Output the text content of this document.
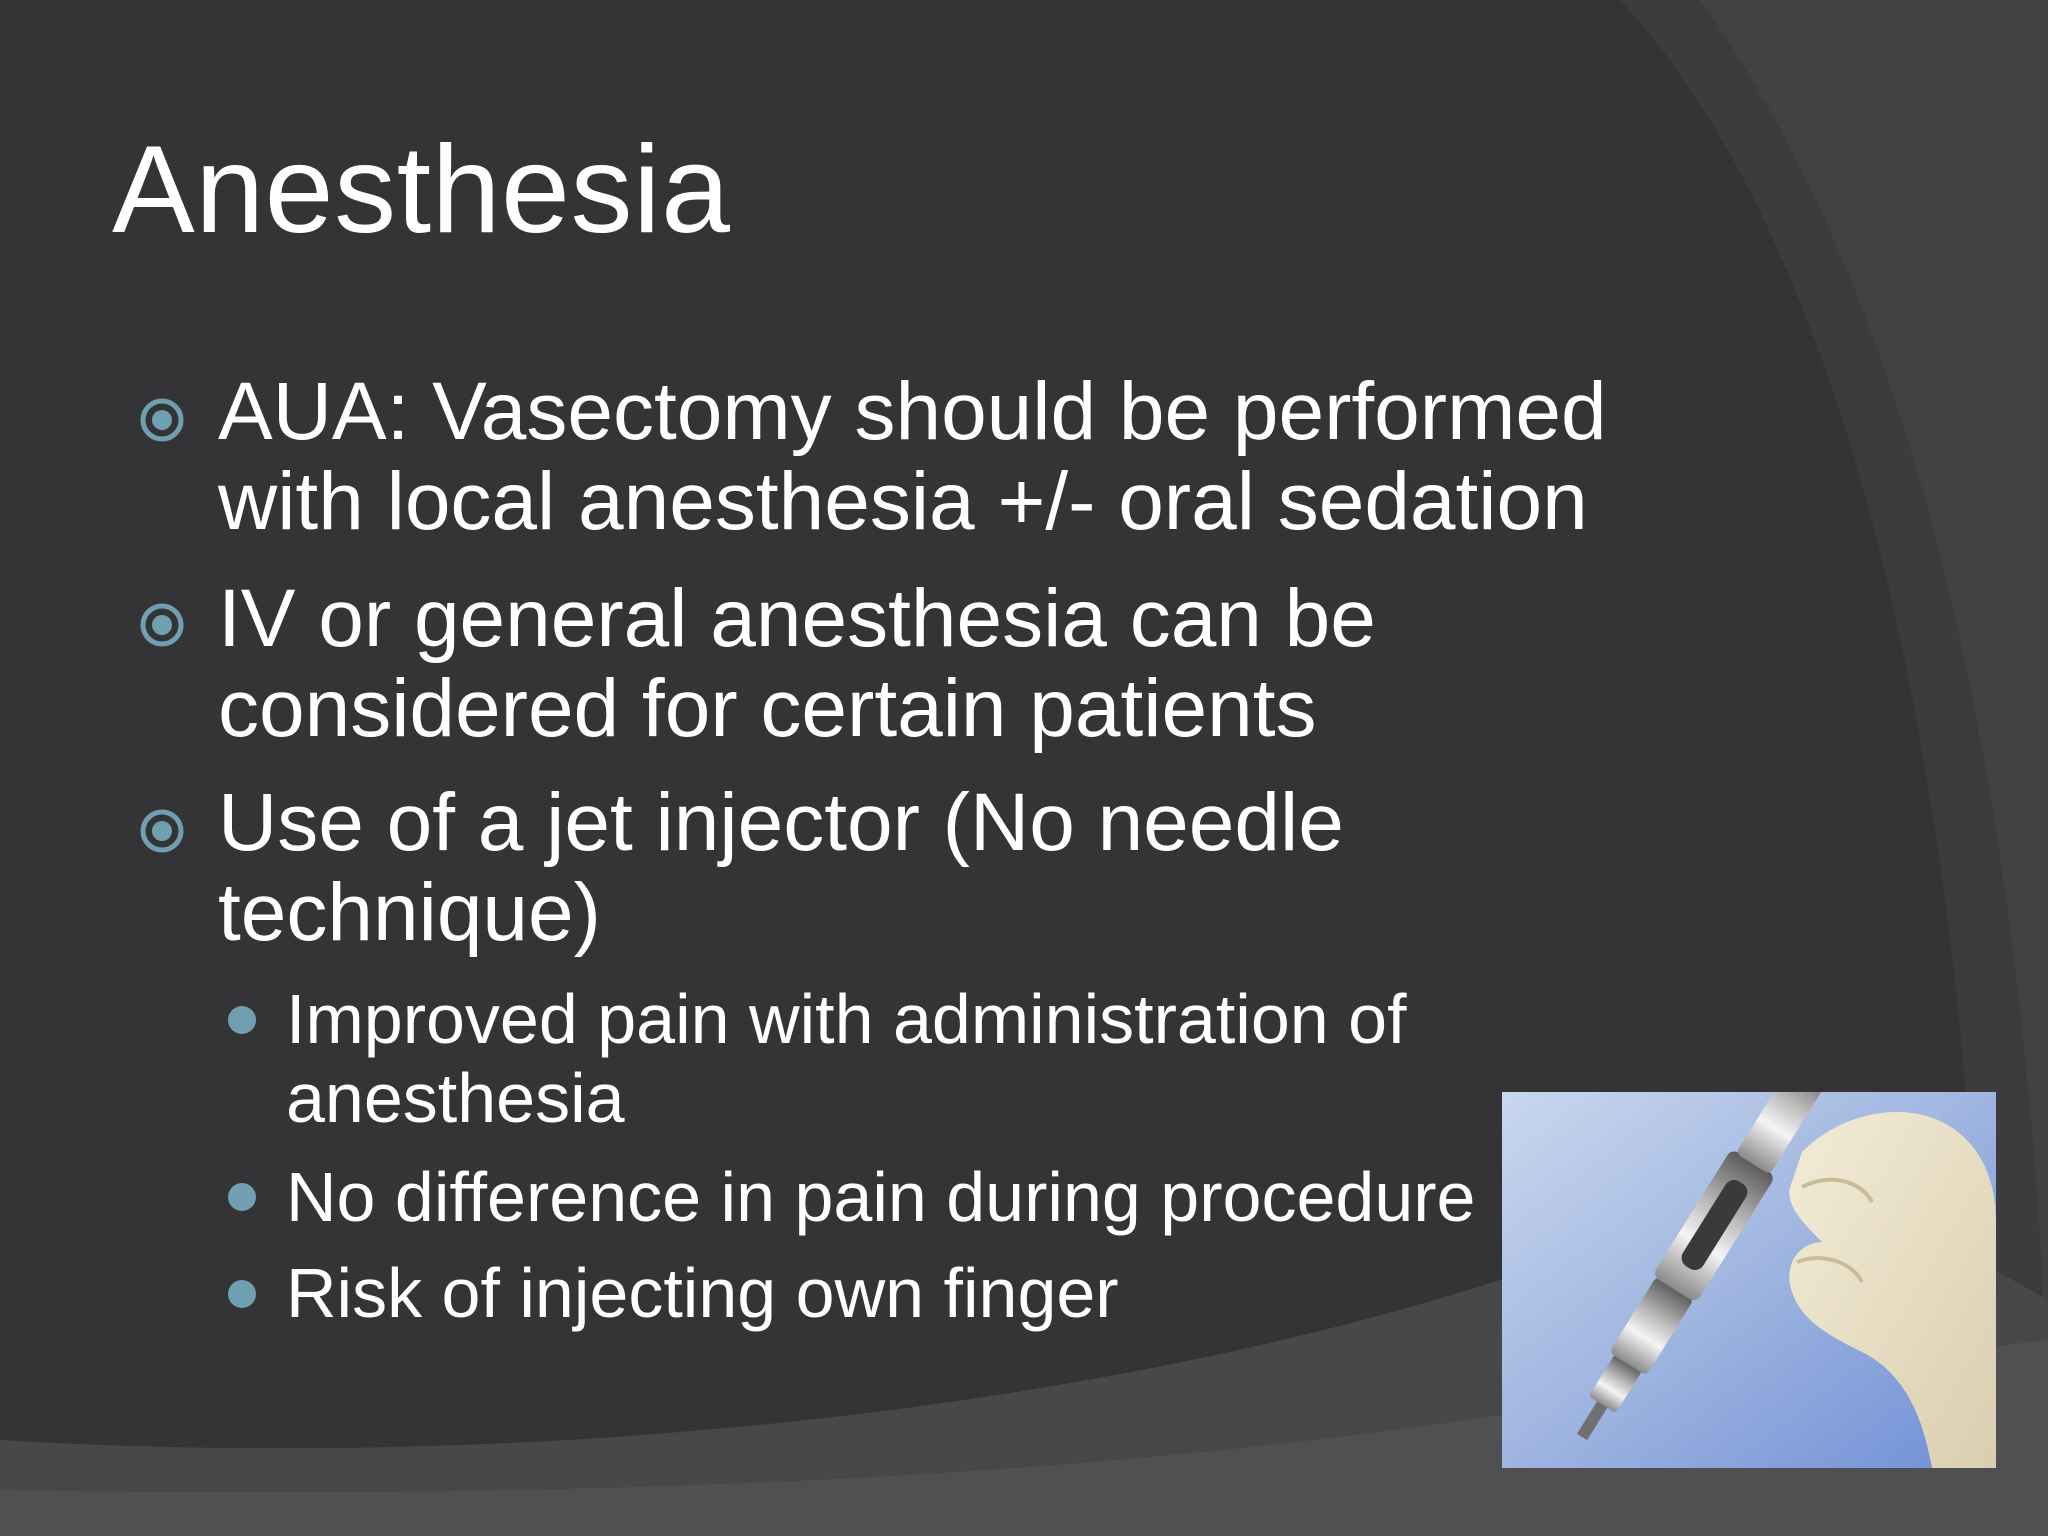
Anesthesia
AUA: Vasectomy should be performed
with local anesthesia +/- oral sedation
IV or general anesthesia can be
considered for certain patients
Use of a jet injector (No needle
technique)
Improved pain with administration of
anesthesia
No difference in pain during procedure
Risk of injecting own finger
